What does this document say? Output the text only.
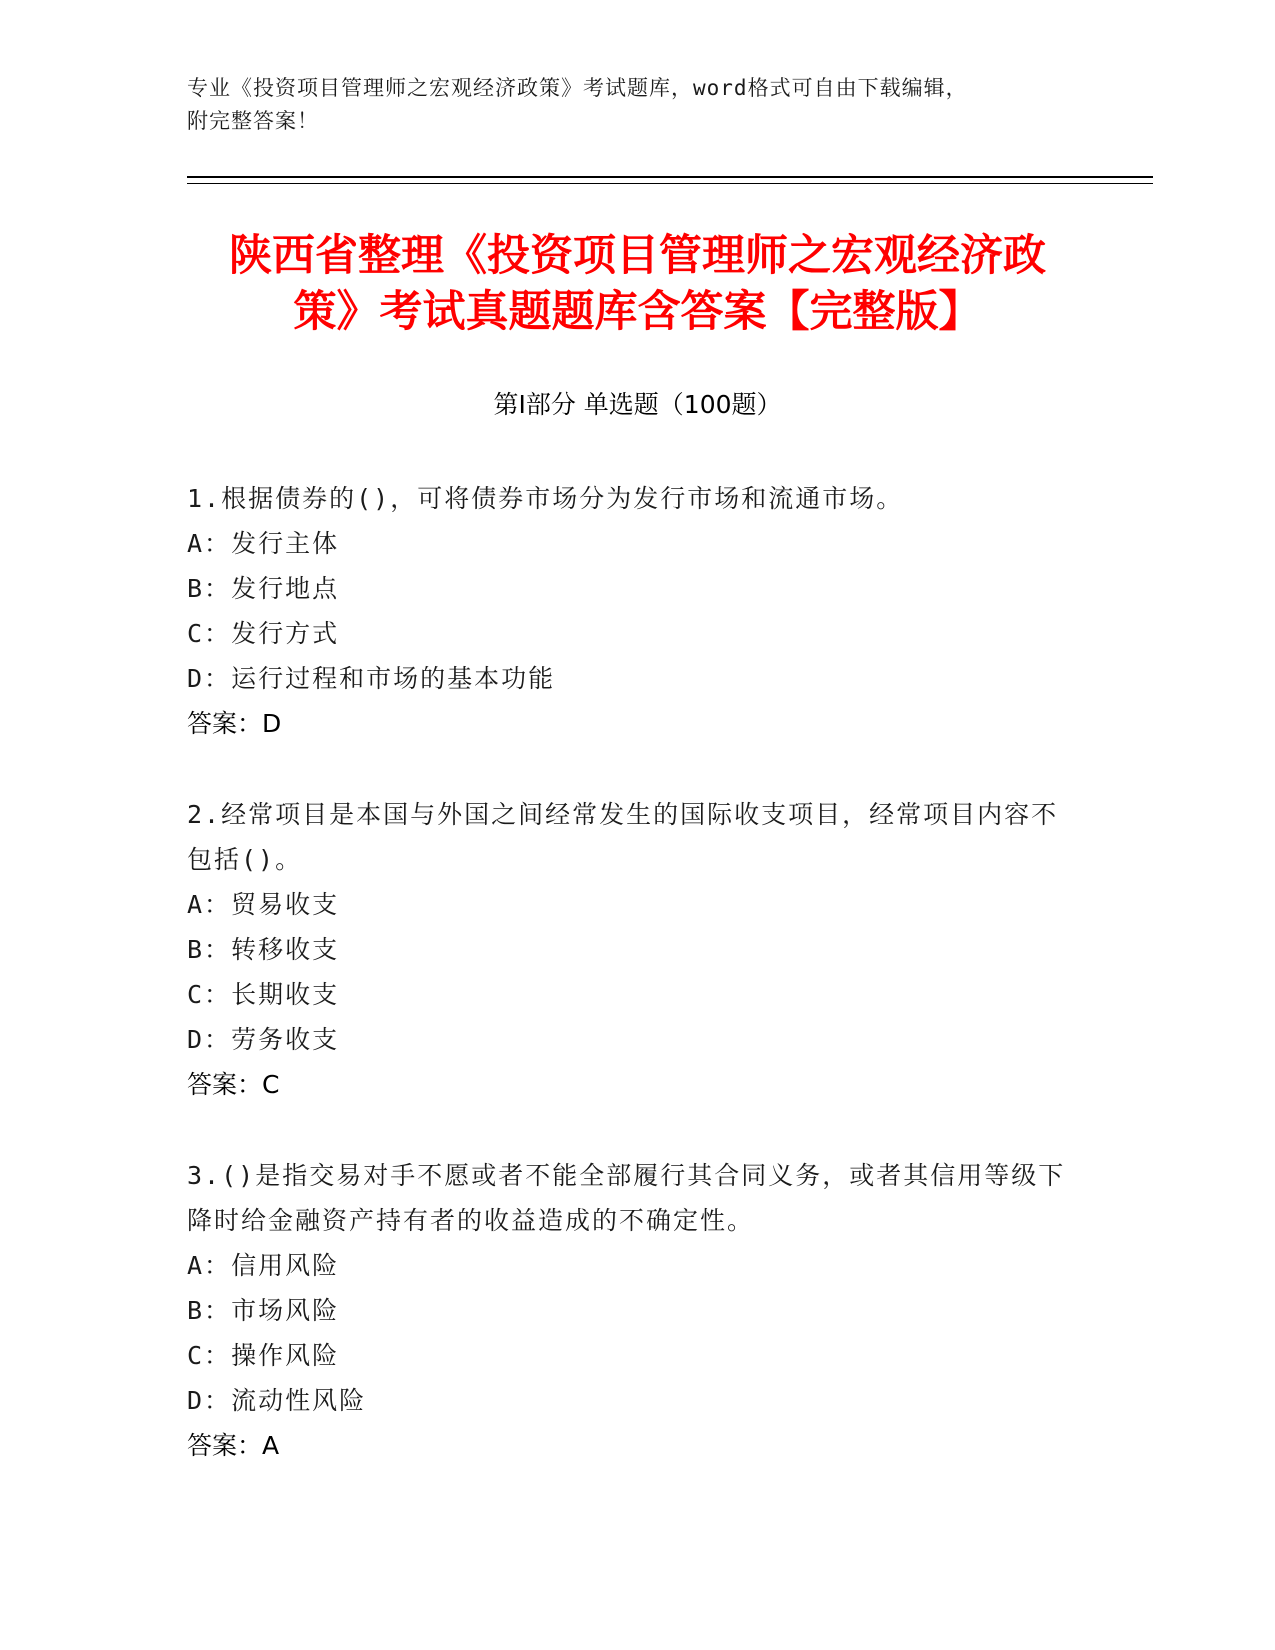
专业《投资项目管理师之宏观经济政策》考试题库，word格式可自由下载编辑，
附完整答案！
陕西省整理《投资项目管理师之宏观经济政
策》考试真题题库含答案【完整版】
第Ⅰ部分 单选题（100题）
1.根据债券的()，可将债券市场分为发行市场和流通市场。
A： 发行主体
B： 发行地点
C： 发行方式
D： 运行过程和市场的基本功能
答案：D
2.经常项目是本国与外国之间经常发生的国际收支项目，经常项目内容不包括()。
A： 贸易收支
B： 转移收支
C： 长期收支
D： 劳务收支
答案：C
3.()是指交易对手不愿或者不能全部履行其合同义务，或者其信用等级下降时给金融资产持有者的收益造成的不确定性。
A： 信用风险
B： 市场风险
C： 操作风险
D： 流动性风险
答案：A
